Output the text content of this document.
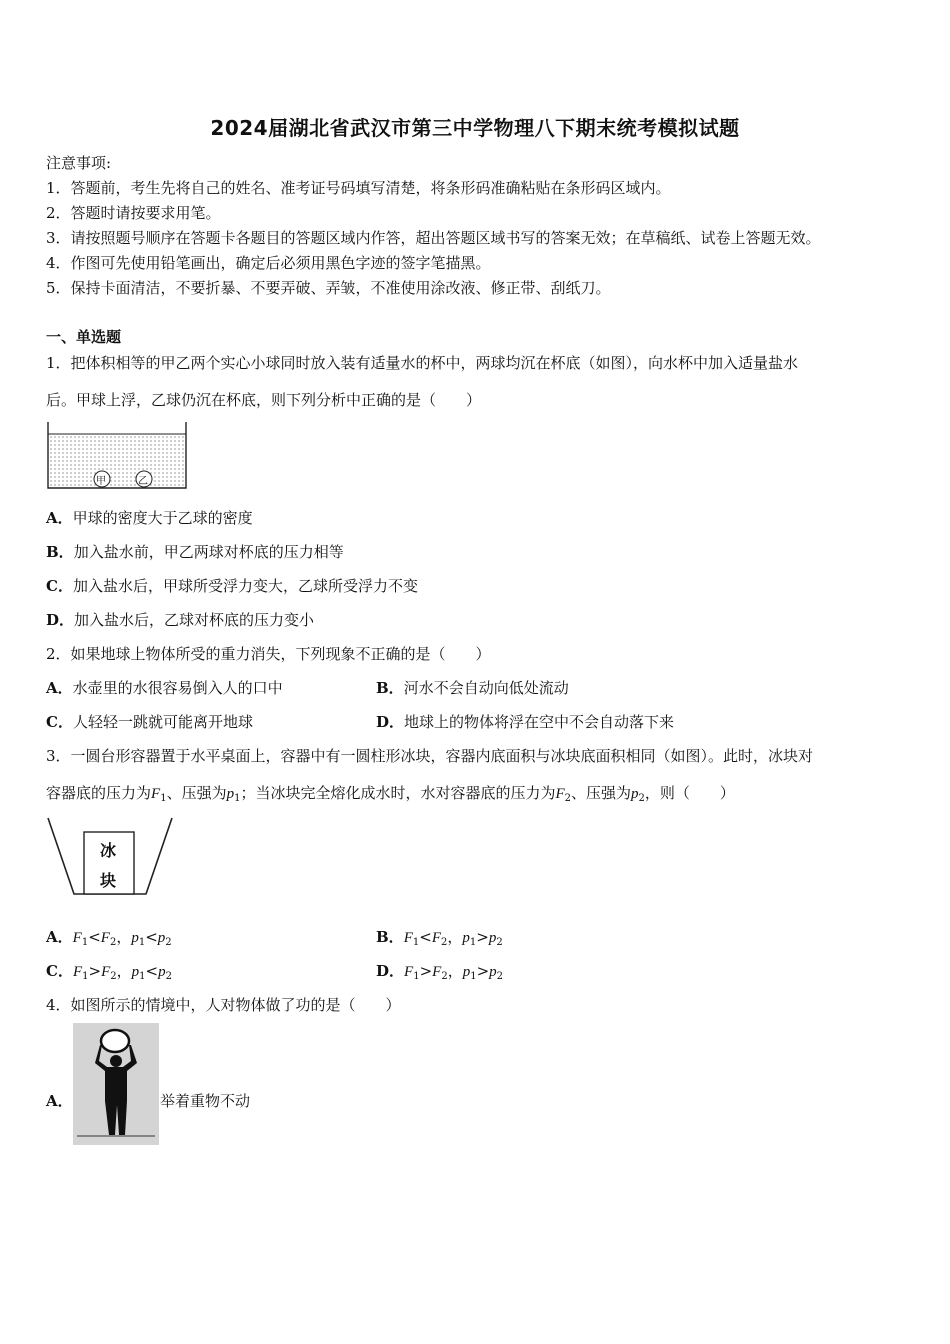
2024届湖北省武汉市第三中学物理八下期末统考模拟试题
注意事项:
1．答题前，考生先将自己的姓名、准考证号码填写清楚，将条形码准确粘贴在条形码区域内。
2．答题时请按要求用笔。
3．请按照题号顺序在答题卡各题目的答题区域内作答，超出答题区域书写的答案无效；在草稿纸、试卷上答题无效。
4．作图可先使用铅笔画出，确定后必须用黑色字迹的签字笔描黑。
5．保持卡面清洁，不要折暴、不要弄破、弄皱，不准使用涂改液、修正带、刮纸刀。
一、单选题
1．把体积相等的甲乙两个实心小球同时放入装有适量水的杯中，两球均沉在杯底（如图），向水杯中加入适量盐水
后。甲球上浮，乙球仍沉在杯底，则下列分析中正确的是（　　）
甲	乙
A．甲球的密度大于乙球的密度
B．加入盐水前，甲乙两球对杯底的压力相等
C．加入盐水后，甲球所受浮力变大，乙球所受浮力不变
D．加入盐水后，乙球对杯底的压力变小
2．如果地球上物体所受的重力消失，下列现象不正确的是（　　）
A．水壶里的水很容易倒入人的口中	B．河水不会自动向低处流动
C．人轻轻一跳就可能离开地球	D．地球上的物体将浮在空中不会自动落下来
3．一圆台形容器置于水平桌面上，容器中有一圆柱形冰块，容器内底面积与冰块底面积相同（如图）。此时，冰块对
容器底的压力为$F_1$、压强为$p_1$；当冰块完全熔化成水时，水对容器底的压力为$F_2$、压强为$p_2$，则（　　）
冰
块
A．$F_1<F_2$，$p_1<p_2$	B．$F_1<F_2$，$p_1>p_2$
C．$F_1>F_2$，$p_1<p_2$	D．$F_1>F_2$，$p_1>p_2$
4．如图所示的情境中，人对物体做了功的是（　　）
A．	举着重物不动
